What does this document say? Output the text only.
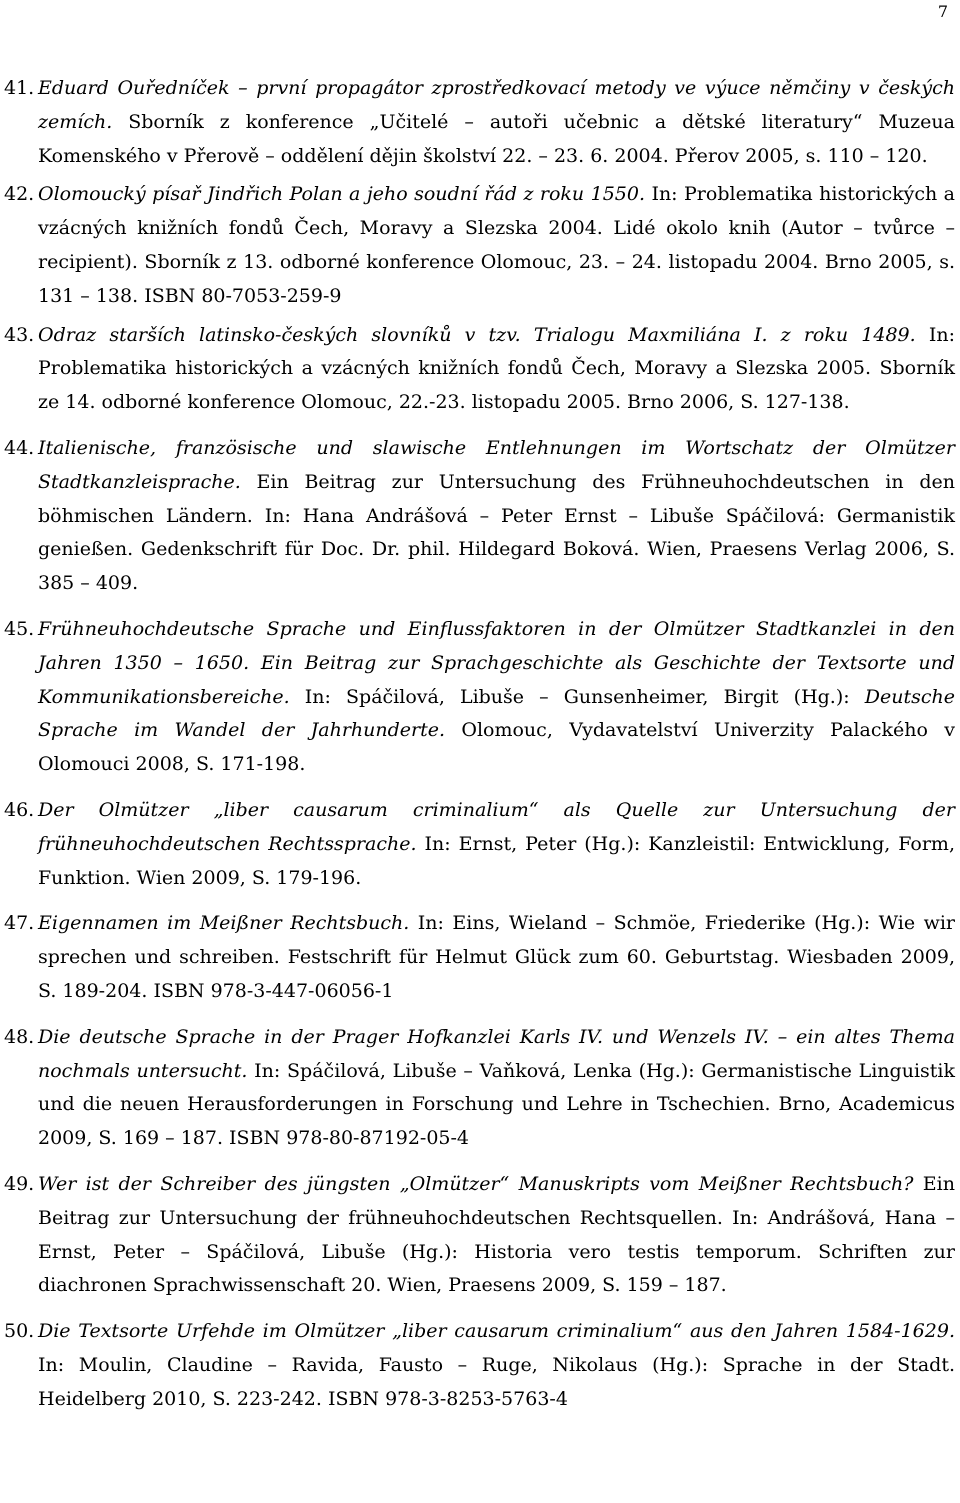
7
41. Eduard Ouředníček – první propagátor zprostředkovací metody ve výuce němčiny v českých zemích. Sborník z konference „Učitelé – autoři učebnic a dětské literatury“ Muzeua Komenského v Přerově – oddělení dějin školství 22. – 23. 6. 2004. Přerov 2005, s. 110 – 120.
42. Olomoucký písař Jindřich Polan a jeho soudní řád z roku 1550. In: Problematika historických a vzácných knižních fondů Čech, Moravy a Slezska 2004. Lidé okolo knih (Autor – tvůrce – recipient). Sborník z 13. odborné konference Olomouc, 23. – 24. listopadu 2004. Brno 2005, s. 131 – 138. ISBN 80-7053-259-9
43. Odraz starších latinsko-českých slovníků v tzv. Trialogu Maxmiliána I. z roku 1489. In: Problematika historických a vzácných knižních fondů Čech, Moravy a Slezska 2005. Sborník ze 14. odborné konference Olomouc, 22.-23. listopadu 2005. Brno 2006, S. 127-138.
44. Italienische, französische und slawische Entlehnungen im Wortschatz der Olmützer Stadtkanzleisprache. Ein Beitrag zur Untersuchung des Frühneuhochdeutschen in den böhmischen Ländern. In: Hana Andrášová – Peter Ernst – Libuše Spáčilová: Germanistik genießen. Gedenkschrift für Doc. Dr. phil. Hildegard Boková. Wien, Praesens Verlag 2006, S. 385 – 409.
45. Frühneuhochdeutsche Sprache und Einflussfaktoren in der Olmützer Stadtkanzlei in den Jahren 1350 – 1650. Ein Beitrag zur Sprachgeschichte als Geschichte der Textsorte und Kommunikationsbereiche. In: Spáčilová, Libuše – Gunsenheimer, Birgit (Hg.): Deutsche Sprache im Wandel der Jahrhunderte. Olomouc, Vydavatelství Univerzity Palackého v Olomouci 2008, S. 171-198.
46. Der Olmützer „liber causarum criminalium“ als Quelle zur Untersuchung der frühneuhochdeutschen Rechtssprache. In: Ernst, Peter (Hg.): Kanzleistil: Entwicklung, Form, Funktion. Wien 2009, S. 179-196.
47. Eigennamen im Meißner Rechtsbuch. In: Eins, Wieland – Schmöe, Friederike (Hg.): Wie wir sprechen und schreiben. Festschrift für Helmut Glück zum 60. Geburtstag. Wiesbaden 2009, S. 189-204. ISBN 978-3-447-06056-1
48. Die deutsche Sprache in der Prager Hofkanzlei Karls IV. und Wenzels IV. – ein altes Thema nochmals untersucht. In: Spáčilová, Libuše – Vaňková, Lenka (Hg.): Germanistische Linguistik und die neuen Herausforderungen in Forschung und Lehre in Tschechien. Brno, Academicus 2009, S. 169 – 187. ISBN 978-80-87192-05-4
49. Wer ist der Schreiber des jüngsten „Olmützer“ Manuskripts vom Meißner Rechtsbuch? Ein Beitrag zur Untersuchung der frühneuhochdeutschen Rechtsquellen. In: Andrášová, Hana – Ernst, Peter – Spáčilová, Libuše (Hg.): Historia vero testis temporum. Schriften zur diachronen Sprachwissenschaft 20. Wien, Praesens 2009, S. 159 – 187.
50. Die Textsorte Urfehde im Olmützer „liber causarum criminalium“ aus den Jahren 1584-1629. In: Moulin, Claudine – Ravida, Fausto – Ruge, Nikolaus (Hg.): Sprache in der Stadt. Heidelberg 2010, S. 223-242. ISBN 978-3-8253-5763-4
